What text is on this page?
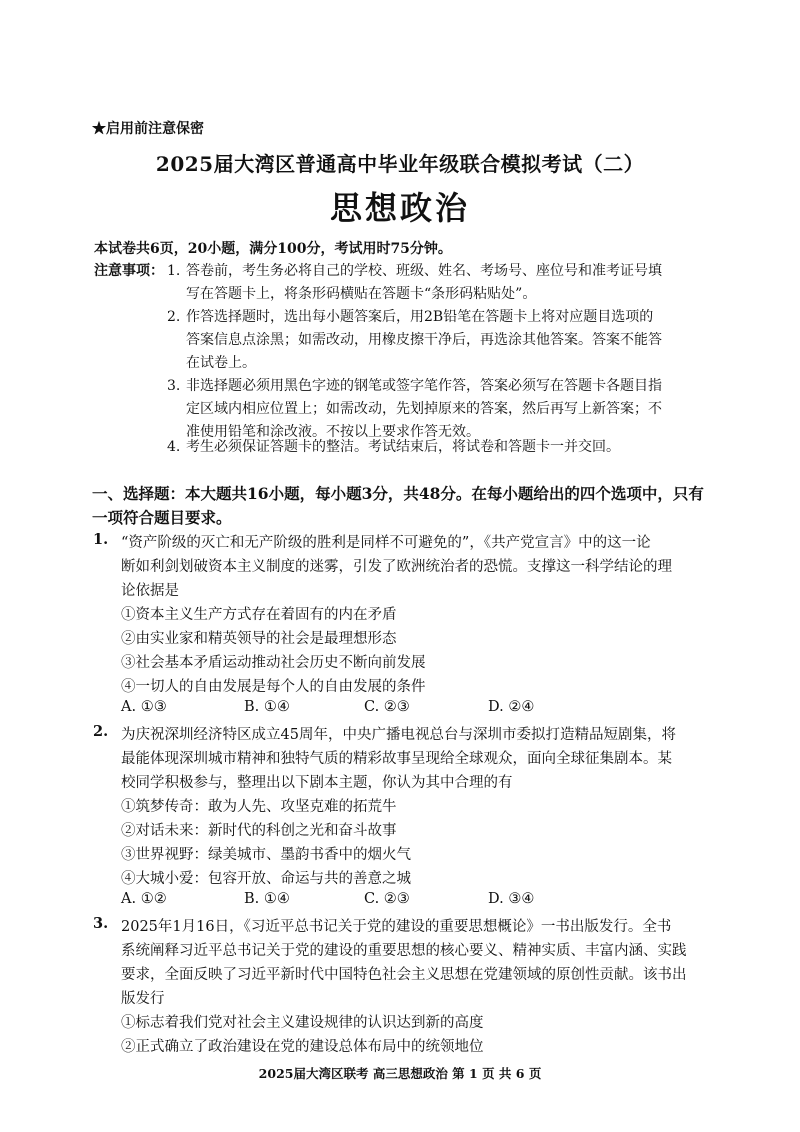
★启用前注意保密
2025届大湾区普通高中毕业年级联合模拟考试（二）
思想政治
本试卷共6页，20小题，满分100分，考试用时75分钟。
注意事项： 1. 答卷前，考生务必将自己的学校、班级、姓名、考场号、座位号和准考证号填
写在答题卡上，将条形码横贴在答题卡“条形码粘贴处”。
2. 作答选择题时，选出每小题答案后，用2B铅笔在答题卡上将对应题目选项的
答案信息点涂黑；如需改动，用橡皮擦干净后，再选涂其他答案。答案不能答
在试卷上。
3. 非选择题必须用黑色字迹的钢笔或签字笔作答，答案必须写在答题卡各题目指
定区域内相应位置上；如需改动，先划掉原来的答案，然后再写上新答案；不
准使用铅笔和涂改液。不按以上要求作答无效。
4. 考生必须保证答题卡的整洁。考试结束后，将试卷和答题卡一并交回。
一、选择题：本大题共16小题，每小题3分，共48分。在每小题给出的四个选项中，只有
一项符合题目要求。
1. “资产阶级的灭亡和无产阶级的胜利是同样不可避免的”，《共产党宣言》中的这一论
断如利剑划破资本主义制度的迷雾，引发了欧洲统治者的恐慌。支撑这一科学结论的理
论依据是
①资本主义生产方式存在着固有的内在矛盾
②由实业家和精英领导的社会是最理想形态
③社会基本矛盾运动推动社会历史不断向前发展
④一切人的自由发展是每个人的自由发展的条件
A. ①③	B. ①④	C. ②③	D. ②④
2. 为庆祝深圳经济特区成立45周年，中央广播电视总台与深圳市委拟打造精品短剧集，将
最能体现深圳城市精神和独特气质的精彩故事呈现给全球观众，面向全球征集剧本。某
校同学积极参与，整理出以下剧本主题，你认为其中合理的有
①筑梦传奇：敢为人先、攻坚克难的拓荒牛
②对话未来：新时代的科创之光和奋斗故事
③世界视野：绿美城市、墨韵书香中的烟火气
④大城小爱：包容开放、命运与共的善意之城
A. ①②	B. ①④	C. ②③	D. ③④
3. 2025年1月16日，《习近平总书记关于党的建设的重要思想概论》一书出版发行。全书
系统阐释习近平总书记关于党的建设的重要思想的核心要义、精神实质、丰富内涵、实践
要求，全面反映了习近平新时代中国特色社会主义思想在党建领域的原创性贡献。该书出
版发行
①标志着我们党对社会主义建设规律的认识达到新的高度
②正式确立了政治建设在党的建设总体布局中的统领地位
2025届大湾区联考 高三思想政治 第 1 页 共 6 页
